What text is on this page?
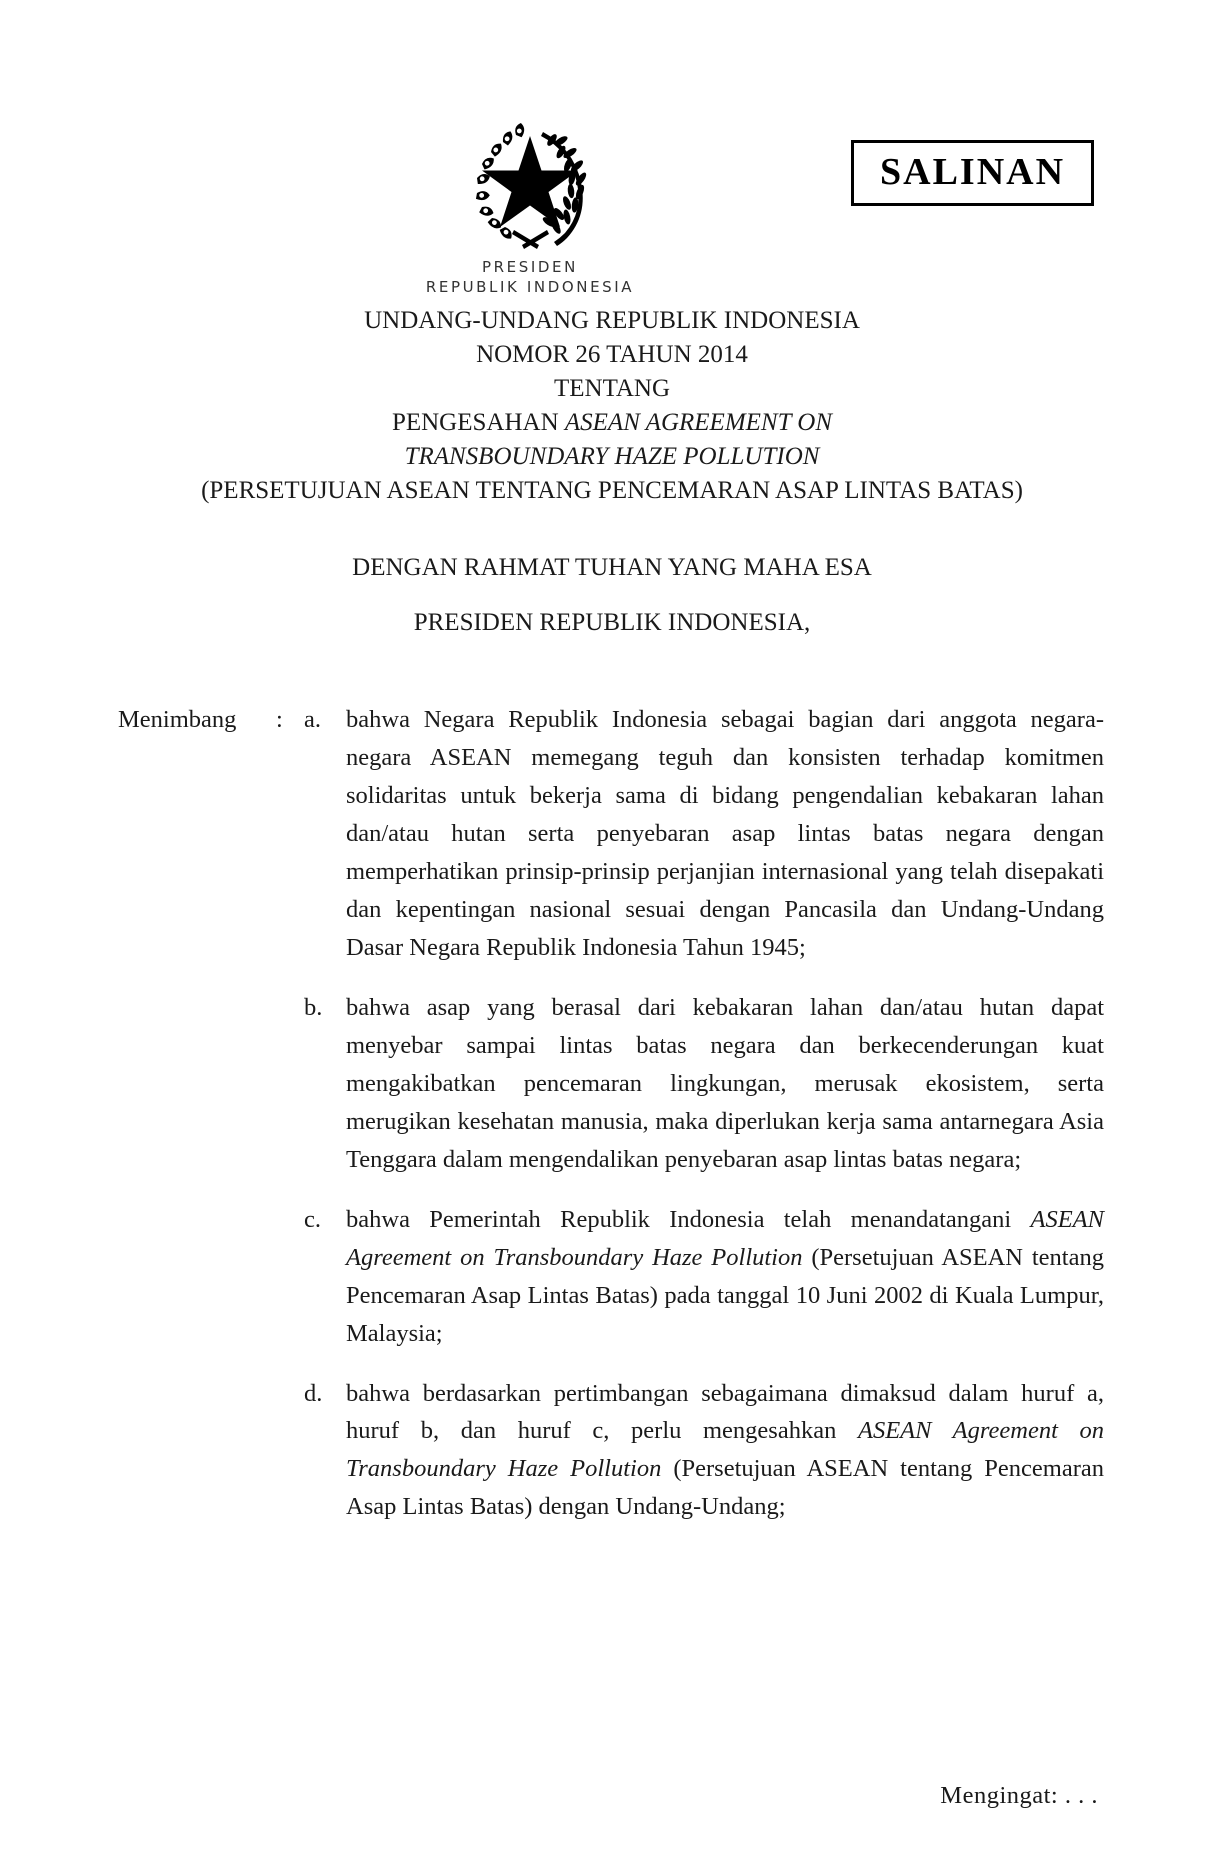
PRESIDEN
REPUBLIK INDONESIA
SALINAN
UNDANG-UNDANG REPUBLIK INDONESIA
NOMOR 26 TAHUN 2014
TENTANG
PENGESAHAN ASEAN AGREEMENT ON
TRANSBOUNDARY HAZE POLLUTION
(PERSETUJUAN ASEAN TENTANG PENCEMARAN ASAP LINTAS BATAS)
DENGAN RAHMAT TUHAN YANG MAHA ESA
PRESIDEN REPUBLIK INDONESIA,
Menimbang	: a.	bahwa Negara Republik Indonesia sebagai bagian dari anggota negara-negara ASEAN memegang teguh dan konsisten terhadap komitmen solidaritas untuk bekerja sama di bidang pengendalian kebakaran lahan dan/atau hutan serta penyebaran asap lintas batas negara dengan memperhatikan prinsip-prinsip perjanjian internasional yang telah disepakati dan kepentingan nasional sesuai dengan Pancasila dan Undang-Undang Dasar Negara Republik Indonesia Tahun 1945;
b. bahwa asap yang berasal dari kebakaran lahan dan/atau hutan dapat menyebar sampai lintas batas negara dan berkecenderungan kuat mengakibatkan pencemaran lingkungan, merusak ekosistem, serta merugikan kesehatan manusia, maka diperlukan kerja sama antarnegara Asia Tenggara dalam mengendalikan penyebaran asap lintas batas negara;
c.	bahwa Pemerintah Republik Indonesia telah menandatangani ASEAN Agreement on Transboundary Haze Pollution (Persetujuan ASEAN tentang Pencemaran Asap Lintas Batas) pada tanggal 10 Juni 2002 di Kuala Lumpur, Malaysia;
d. bahwa berdasarkan pertimbangan sebagaimana dimaksud dalam huruf a, huruf b, dan huruf c, perlu mengesahkan ASEAN Agreement on Transboundary Haze Pollution (Persetujuan ASEAN tentang Pencemaran Asap Lintas Batas) dengan Undang-Undang;
Mengingat: . . .
